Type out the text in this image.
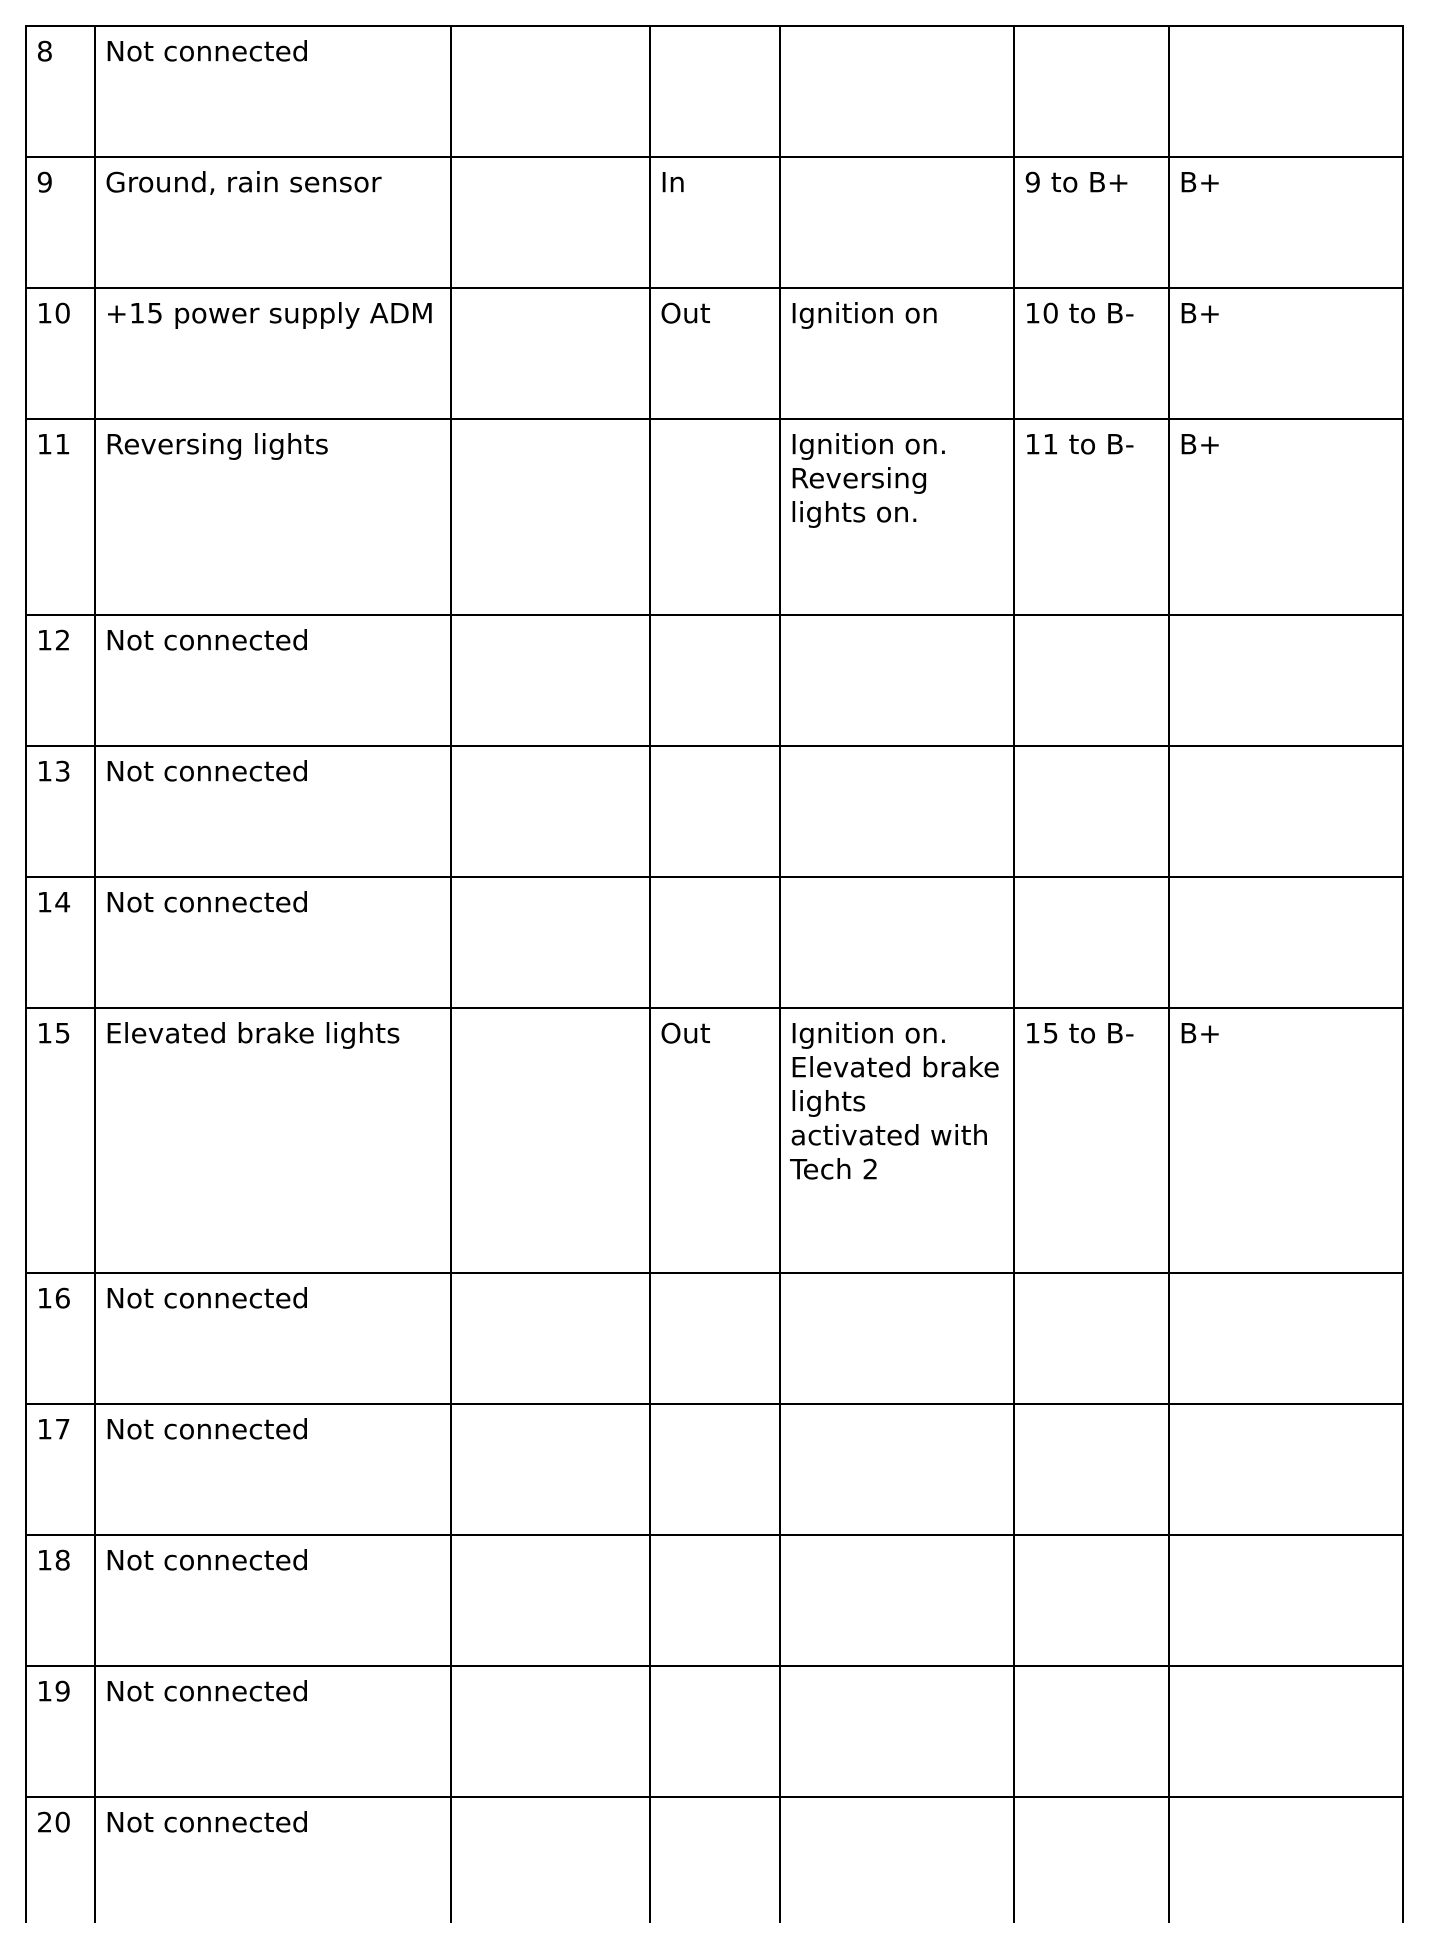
8	Not connected					
9	Ground, rain sensor		In		9 to B+	B+
10	+15 power supply ADM		Out	Ignition on	10 to B-	B+
11	Reversing lights			Ignition on. Reversing lights on.	11 to B-	B+
12	Not connected					
13	Not connected					
14	Not connected					
15	Elevated brake lights		Out	Ignition on. Elevated brake lights activated with Tech 2	15 to B-	B+
16	Not connected					
17	Not connected					
18	Not connected					
19	Not connected					
20	Not connected					
